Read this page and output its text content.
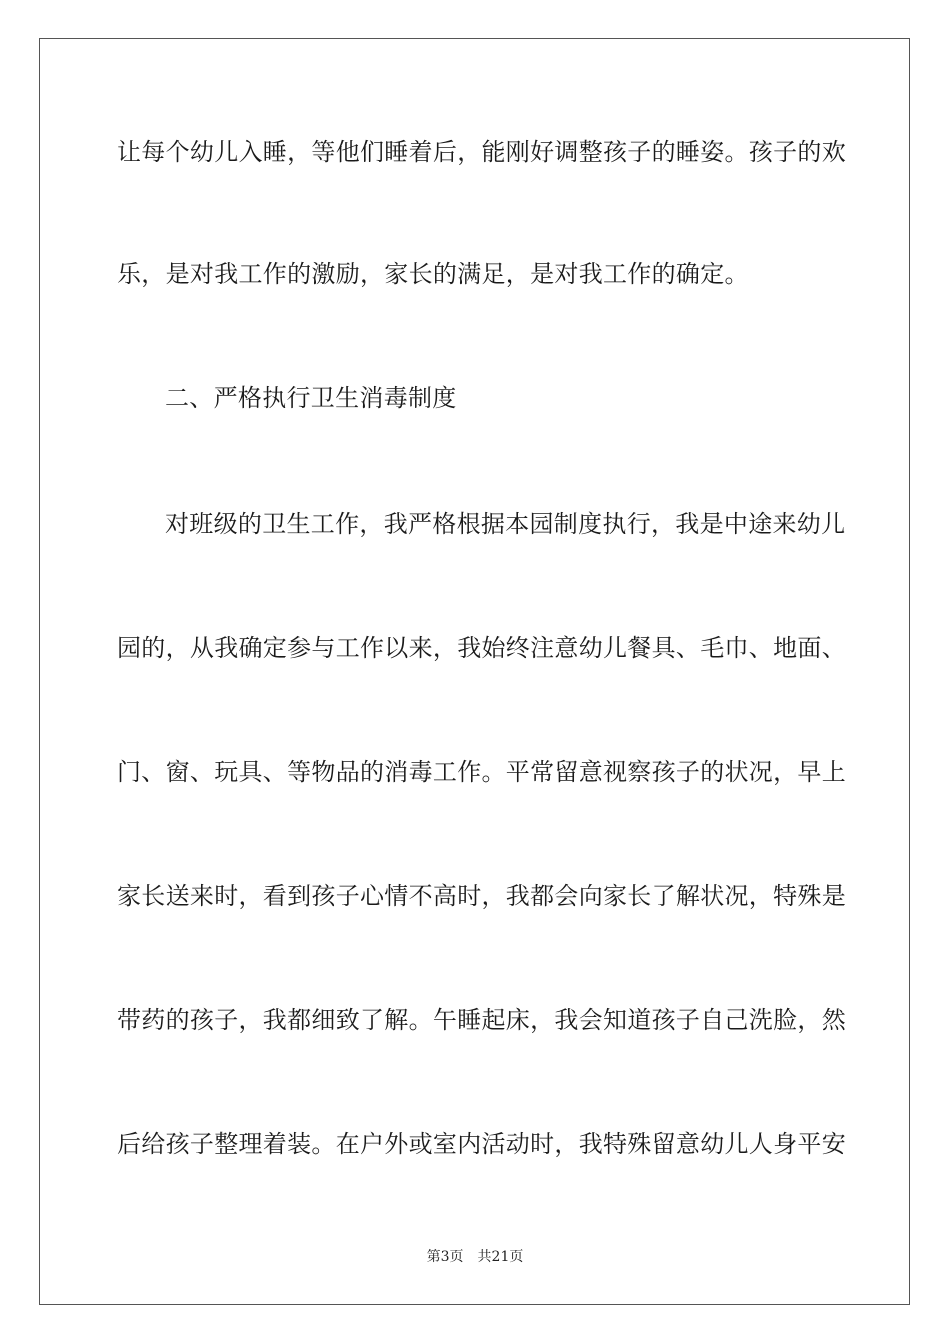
让每个幼儿入睡，等他们睡着后，能刚好调整孩子的睡姿。孩子的欢
乐，是对我工作的激励，家长的满足，是对我工作的确定。
二、严格执行卫生消毒制度
对班级的卫生工作，我严格根据本园制度执行，我是中途来幼儿
园的，从我确定参与工作以来，我始终注意幼儿餐具、毛巾、地面、
门、窗、玩具、等物品的消毒工作。平常留意视察孩子的状况，早上
家长送来时，看到孩子心情不高时，我都会向家长了解状况，特殊是
带药的孩子，我都细致了解。午睡起床，我会知道孩子自己洗脸，然
后给孩子整理着装。在户外或室内活动时，我特殊留意幼儿人身平安
第3页 共21页
